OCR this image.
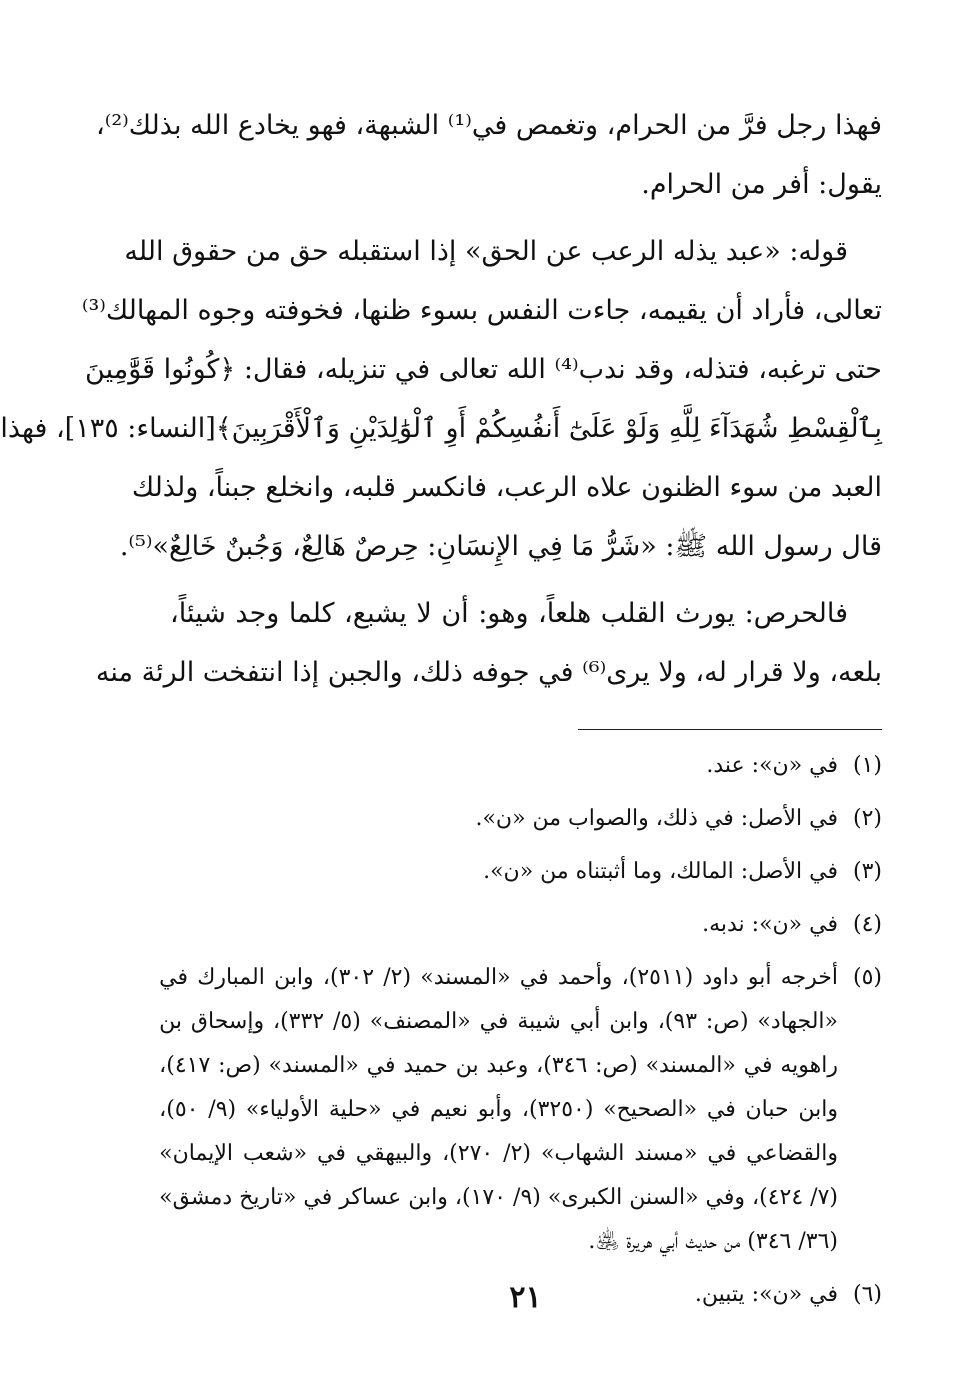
فهذا رجل فرَّ من الحرام، وتغمص في⁽¹⁾ الشبهة، فهو يخادع الله بذلك⁽²⁾،
يقول: أفر من الحرام.
قوله: «عبد يذله الرعب عن الحق» إذا استقبله حق من حقوق الله
تعالى، فأراد أن يقيمه، جاءت النفس بسوء ظنها، فخوفته وجوه المهالك⁽³⁾
حتى ترغبه، فتذله، وقد ندب⁽⁴⁾ الله تعالى في تنزيله، فقال: ﴿كُونُوا قَوَّٰمِينَ
بِٱلْقِسْطِ شُهَدَآءَ لِلَّهِ وَلَوْ عَلَىٰٓ أَنفُسِكُمْ أَوِ ٱلْوَٰلِدَيْنِ وَٱلْأَقْرَبِينَ﴾[النساء: ١٣٥]، فهذا
العبد من سوء الظنون علاه الرعب، فانكسر قلبه، وانخلع جبناً، ولذلك
قال رسول الله ﷺ: «شَرُّ مَا فِي الإِنسَانِ: حِرصٌ هَالِعٌ، وَجُبنٌ خَالِعٌ»⁽⁵⁾.
فالحرص: يورث القلب هلعاً، وهو: أن لا يشبع، كلما وجد شيئاً،
بلعه، ولا قرار له، ولا يرى⁽⁶⁾ في جوفه ذلك، والجبن إذا انتفخت الرئة منه
(١)
في «ن»: عند.
(٢)
في الأصل: في ذلك، والصواب من «ن».
(٣)
في الأصل: المالك، وما أثبتناه من «ن».
(٤)
في «ن»: ندبه.
(٥)
أخرجه أبو داود (٢٥١١)، وأحمد في «المسند» (٢/ ٣٠٢)، وابن المبارك في
«الجهاد» (ص: ٩٣)، وابن أبي شيبة في «المصنف» (٥/ ٣٣٢)، وإسحاق بن
راهويه في «المسند» (ص: ٣٤٦)، وعبد بن حميد في «المسند» (ص: ٤١٧)،
وابن حبان في «الصحيح» (٣٢٥٠)، وأبو نعيم في «حلية الأولياء» (٩/ ٥٠)،
والقضاعي في «مسند الشهاب» (٢/ ٢٧٠)، والبيهقي في «شعب الإيمان»
(٧/ ٤٢٤)، وفي «السنن الكبرى» (٩/ ١٧٠)، وابن عساكر في «تاريخ دمشق»
(٣٦/ ٣٤٦) من حديث أبي هريرة ﵁.
(٦)
في «ن»: يتبين.
٢١
